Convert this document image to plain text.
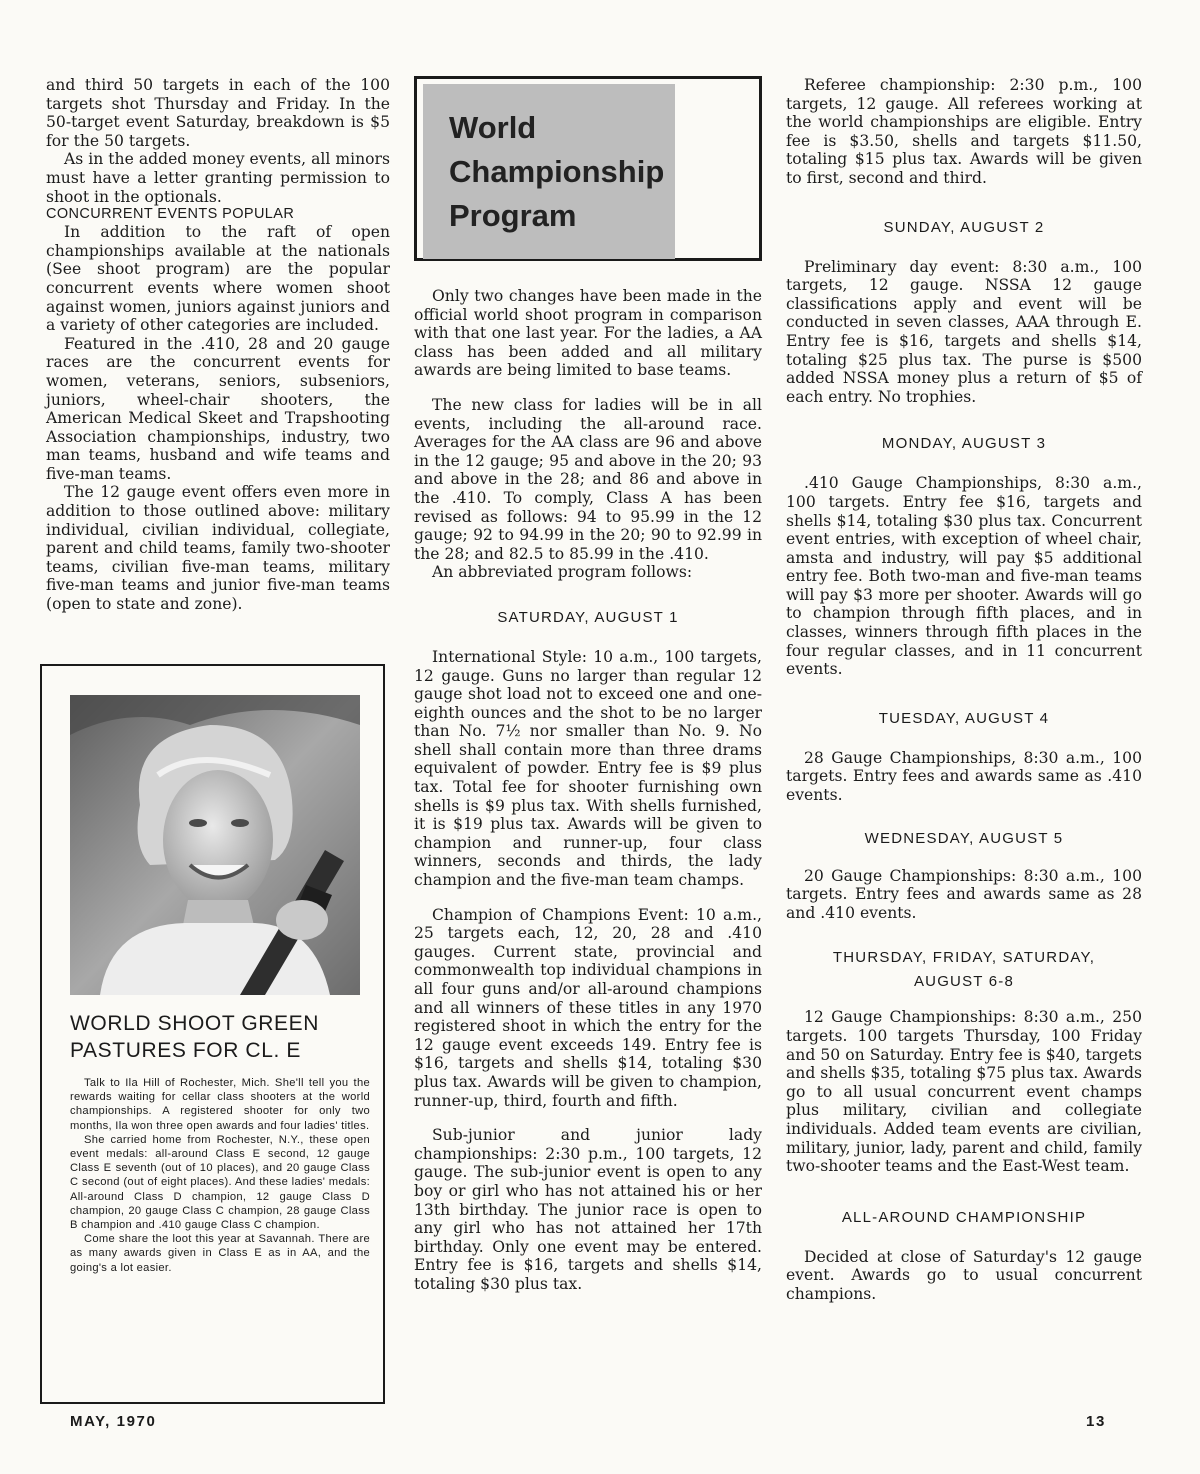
and third 50 targets in each of the 100 targets shot Thursday and Friday. In the 50-target event Saturday, breakdown is $5 for the 50 targets.

As in the added money events, all minors must have a letter granting permission to shoot in the optionals.

CONCURRENT EVENTS POPULAR

In addition to the raft of open championships available at the nationals (See shoot program) are the popular concurrent events where women shoot against women, juniors against juniors and a variety of other categories are included.

Featured in the .410, 28 and 20 gauge races are the concurrent events for women, veterans, seniors, subseniors, juniors, wheel-chair shooters, the American Medical Skeet and Trapshooting Association championships, industry, two man teams, husband and wife teams and five-man teams.

The 12 gauge event offers even more in addition to those outlined above: military individual, civilian individual, collegiate, parent and child teams, family two-shooter teams, civilian five-man teams, military five-man teams and junior five-man teams (open to state and zone).

WORLD SHOOT GREEN PASTURES FOR CL. E

Talk to Ila Hill of Rochester, Mich. She'll tell you the rewards waiting for cellar class shooters at the world championships. A registered shooter for only two months, Ila won three open awards and four ladies' titles.

She carried home from Rochester, N.Y., these open event medals: all-around Class E second, 12 gauge Class E seventh (out of 10 places), and 20 gauge Class C second (out of eight places). And these ladies' medals: All-around Class D champion, 12 gauge Class D champion, 20 gauge Class C champion, 28 gauge Class B champion and .410 gauge Class C champion.

Come share the loot this year at Savannah. There are as many awards given in Class E as in AA, and the going's a lot easier.

World
Championship
Program

Only two changes have been made in the official world shoot program in comparison with that one last year. For the ladies, a AA class has been added and all military awards are being limited to base teams.

The new class for ladies will be in all events, including the all-around race. Averages for the AA class are 96 and above in the 12 gauge; 95 and above in the 20; 93 and above in the 28; and 86 and above in the .410. To comply, Class A has been revised as follows: 94 to 95.99 in the 12 gauge; 92 to 94.99 in the 20; 90 to 92.99 in the 28; and 82.5 to 85.99 in the .410.

An abbreviated program follows:

SATURDAY, AUGUST 1

International Style: 10 a.m., 100 targets, 12 gauge. Guns no larger than regular 12 gauge shot load not to exceed one and one-eighth ounces and the shot to be no larger than No. 7½ nor smaller than No. 9. No shell shall contain more than three drams equivalent of powder. Entry fee is $9 plus tax. Total fee for shooter furnishing own shells is $9 plus tax. With shells furnished, it is $19 plus tax. Awards will be given to champion and runner-up, four class winners, seconds and thirds, the lady champion and the five-man team champs.

Champion of Champions Event: 10 a.m., 25 targets each, 12, 20, 28 and .410 gauges. Current state, provincial and commonwealth top individual champions in all four guns and/or all-around champions and all winners of these titles in any 1970 registered shoot in which the entry for the 12 gauge event exceeds 149. Entry fee is $16, targets and shells $14, totaling $30 plus tax. Awards will be given to champion, runner-up, third, fourth and fifth.

Sub-junior and junior lady championships: 2:30 p.m., 100 targets, 12 gauge. The sub-junior event is open to any boy or girl who has not attained his or her 13th birthday. The junior race is open to any girl who has not attained her 17th birthday. Only one event may be entered. Entry fee is $16, targets and shells $14, totaling $30 plus tax.

Referee championship: 2:30 p.m., 100 targets, 12 gauge. All referees working at the world championships are eligible. Entry fee is $3.50, shells and targets $11.50, totaling $15 plus tax. Awards will be given to first, second and third.

SUNDAY, AUGUST 2

Preliminary day event: 8:30 a.m., 100 targets, 12 gauge. NSSA 12 gauge classifications apply and event will be conducted in seven classes, AAA through E. Entry fee is $16, targets and shells $14, totaling $25 plus tax. The purse is $500 added NSSA money plus a return of $5 of each entry. No trophies.

MONDAY, AUGUST 3

.410 Gauge Championships, 8:30 a.m., 100 targets. Entry fee $16, targets and shells $14, totaling $30 plus tax. Concurrent event entries, with exception of wheel chair, amsta and industry, will pay $5 additional entry fee. Both two-man and five-man teams will pay $3 more per shooter. Awards will go to champion through fifth places, and in classes, winners through fifth places in the four regular classes, and in 11 concurrent events.

TUESDAY, AUGUST 4

28 Gauge Championships, 8:30 a.m., 100 targets. Entry fees and awards same as .410 events.

WEDNESDAY, AUGUST 5

20 Gauge Championships: 8:30 a.m., 100 targets. Entry fees and awards same as 28 and .410 events.

THURSDAY, FRIDAY, SATURDAY,
AUGUST 6-8

12 Gauge Championships: 8:30 a.m., 250 targets. 100 targets Thursday, 100 Friday and 50 on Saturday. Entry fee is $40, targets and shells $35, totaling $75 plus tax. Awards go to all usual concurrent event champs plus military, civilian and collegiate individuals. Added team events are civilian, military, junior, lady, parent and child, family two-shooter teams and the East-West team.

ALL-AROUND CHAMPIONSHIP

Decided at close of Saturday's 12 gauge event. Awards go to usual concurrent champions.

MAY, 1970	13
